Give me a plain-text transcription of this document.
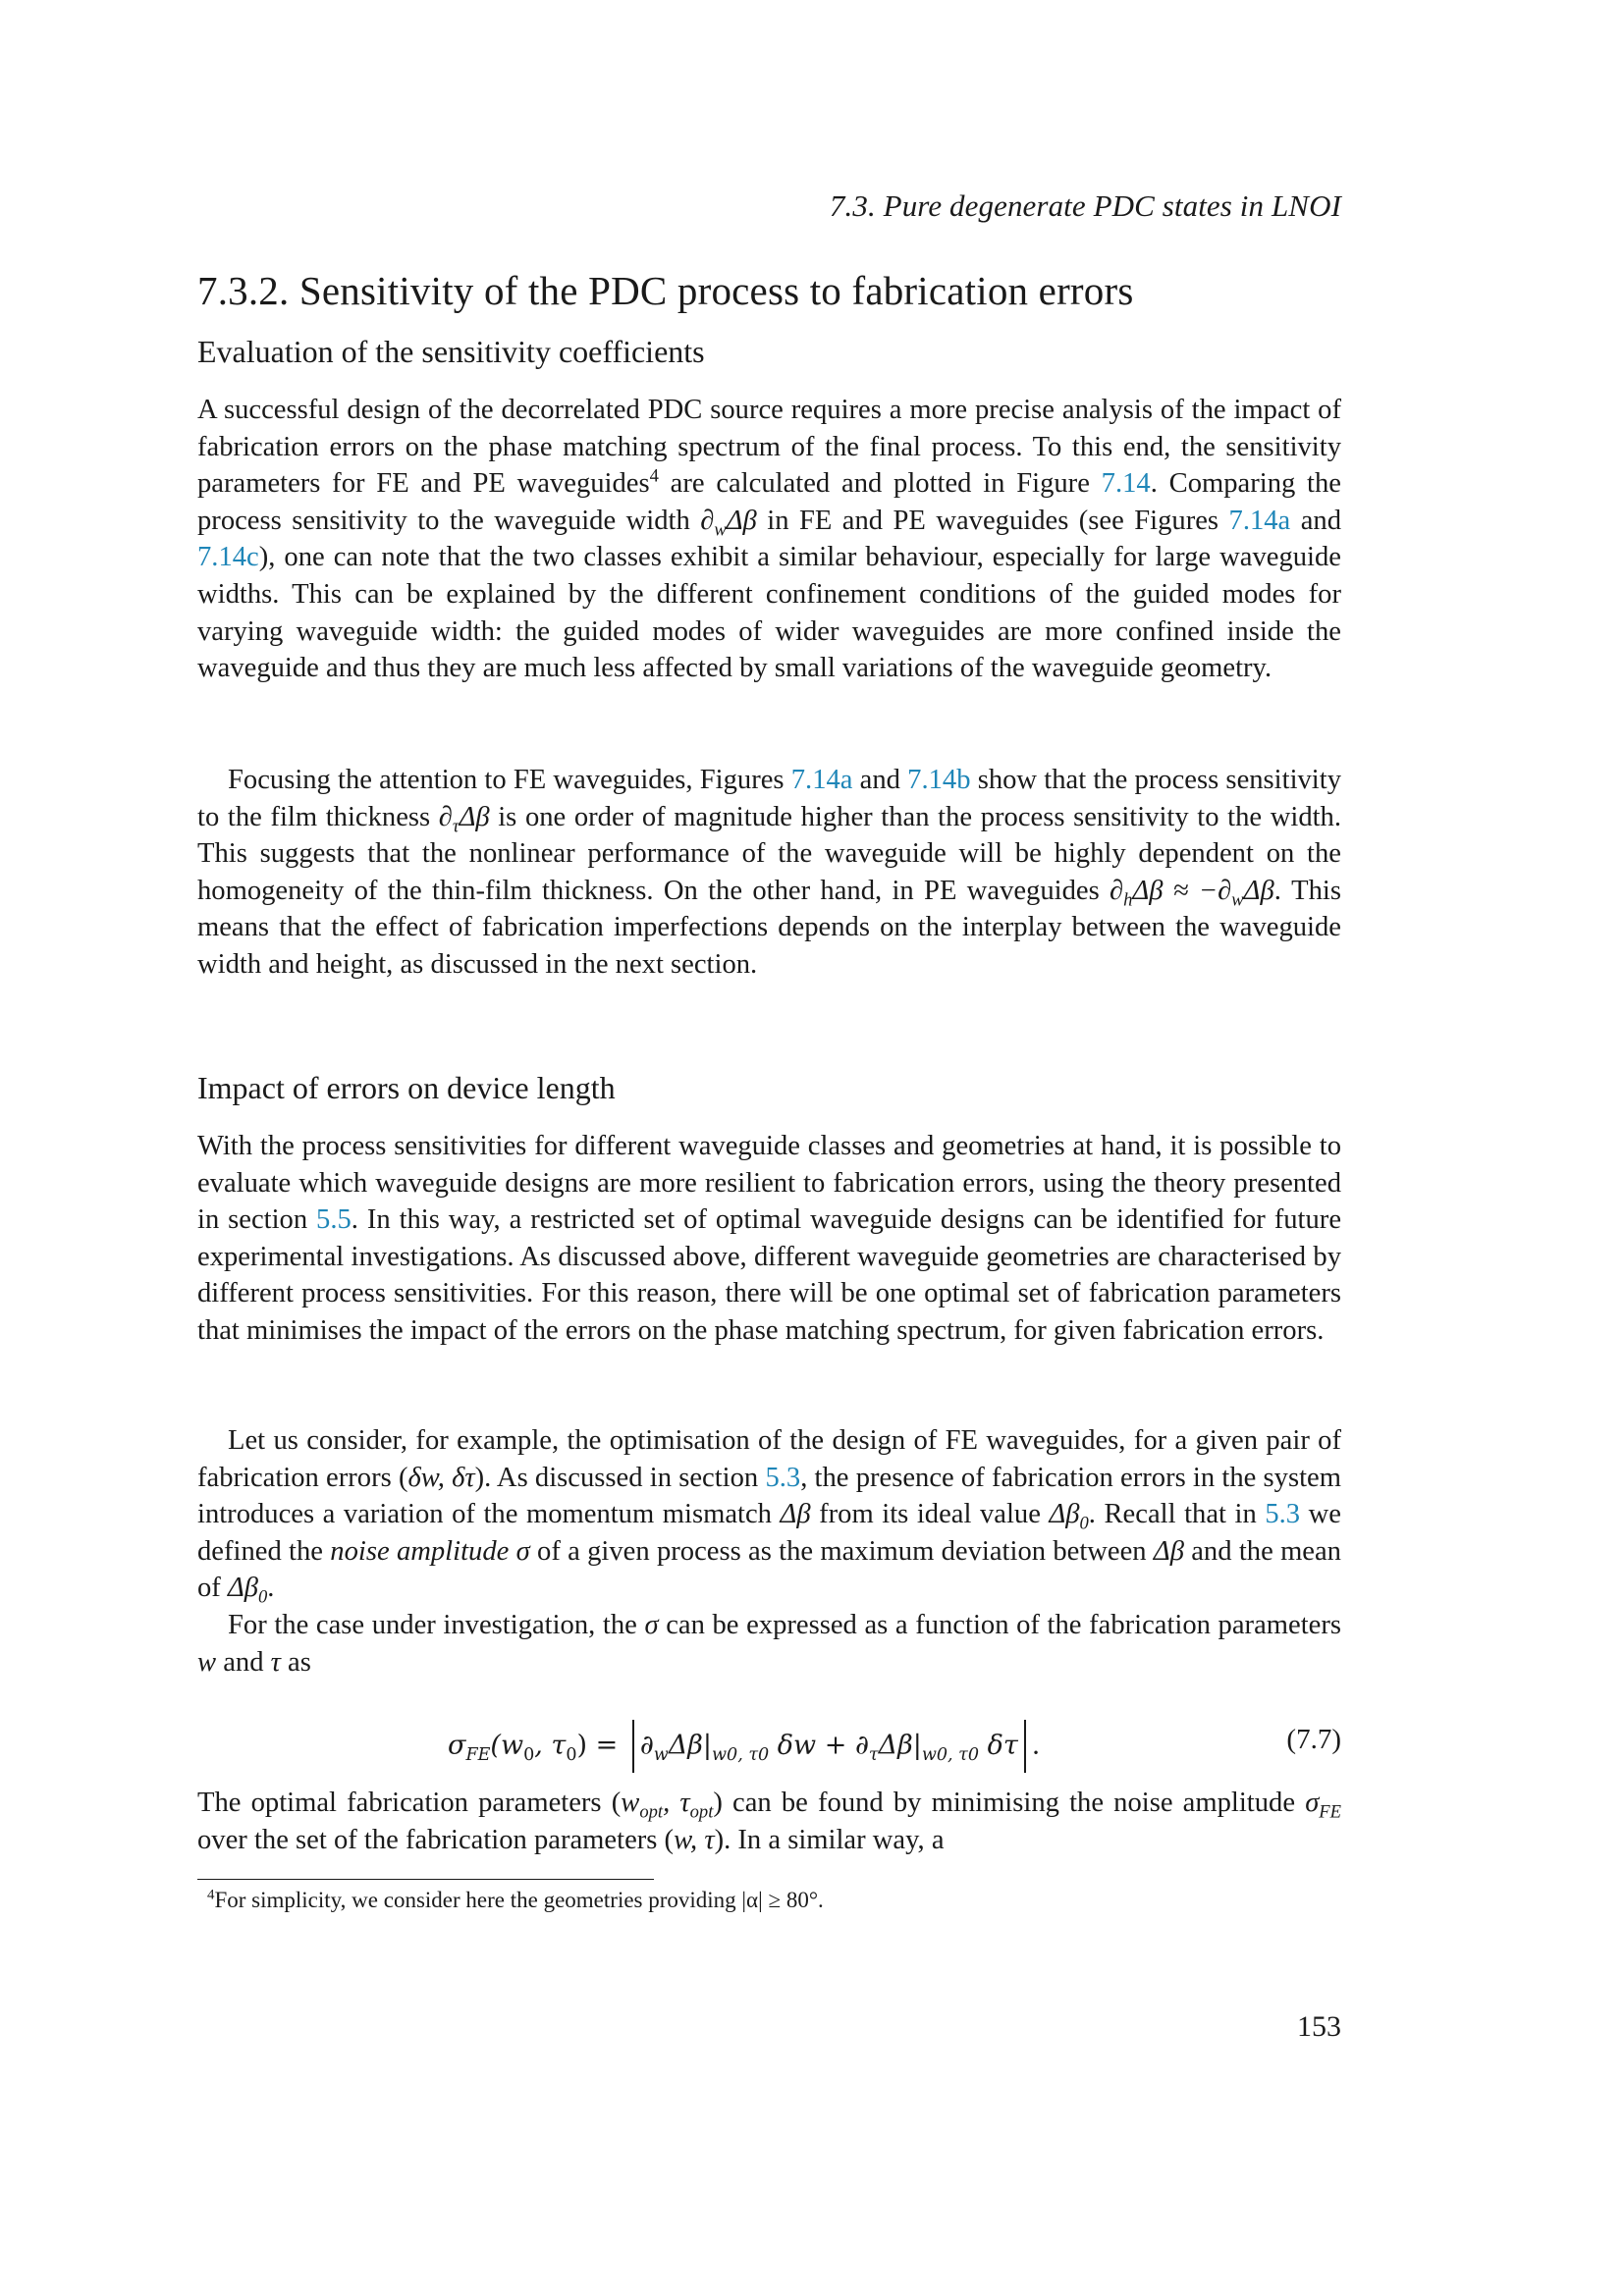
7.3. Pure degenerate PDC states in LNOI
7.3.2. Sensitivity of the PDC process to fabrication errors
Evaluation of the sensitivity coefficients

A successful design of the decorrelated PDC source requires a more precise analysis of the impact of fabrication errors on the phase matching spectrum of the final process. To this end, the sensitivity parameters for FE and PE waveguides$^4$ are calculated and plotted in Figure 7.14. Comparing the process sensitivity to the waveguide width $\partial_w\Delta\beta$ in FE and PE waveguides (see Figures 7.14a and 7.14c), one can note that the two classes exhibit a similar behaviour, especially for large waveguide widths. This can be explained by the different confinement conditions of the guided modes for varying waveguide width: the guided modes of wider waveguides are more confined inside the waveguide and thus they are much less affected by small variations of the waveguide geometry.

Focusing the attention to FE waveguides, Figures 7.14a and 7.14b show that the process sensitivity to the film thickness $\partial_\tau\Delta\beta$ is one order of magnitude higher than the process sensitivity to the width. This suggests that the nonlinear performance of the waveguide will be highly dependent on the homogeneity of the thin-film thickness. On the other hand, in PE waveguides $\partial_h\Delta\beta \approx -\partial_w\Delta\beta$. This means that the effect of fabrication imperfections depends on the interplay between the waveguide width and height, as discussed in the next section.

Impact of errors on device length

With the process sensitivities for different waveguide classes and geometries at hand, it is possible to evaluate which waveguide designs are more resilient to fabrication errors, using the theory presented in section 5.5. In this way, a restricted set of optimal waveguide designs can be identified for future experimental investigations. As discussed above, different waveguide geometries are characterised by different process sensitivities. For this reason, there will be one optimal set of fabrication parameters that minimises the impact of the errors on the phase matching spectrum, for given fabrication errors.

Let us consider, for example, the optimisation of the design of FE waveguides, for a given pair of fabrication errors (δw, δτ). As discussed in section 5.3, the presence of fabrication errors in the system introduces a variation of the momentum mismatch Δβ from its ideal value $\Delta\beta_0$. Recall that in 5.3 we defined the noise amplitude σ of a given process as the maximum deviation between Δβ and the mean of $\Delta\beta_0$.

For the case under investigation, the σ can be expressed as a function of the fabrication parameters w and τ as

$\sigma_{FE}(w_0$, $\tau_0) = \partial_w\Delta\beta|_{w0, \tau 0}$ $\delta w + \partial_\tau\Delta\beta|_{w0, \tau 0}$ δτ .	(7.7)

The optimal fabrication parameters ($w_{opt}$, $\tau_{opt}$) can be found by minimising the noise amplitude $\sigma_{FE}$ over the set of the fabrication parameters (w, τ). In a similar way, a

$^4$For simplicity, we consider here the geometries providing |α| ≥ 80°.

153
